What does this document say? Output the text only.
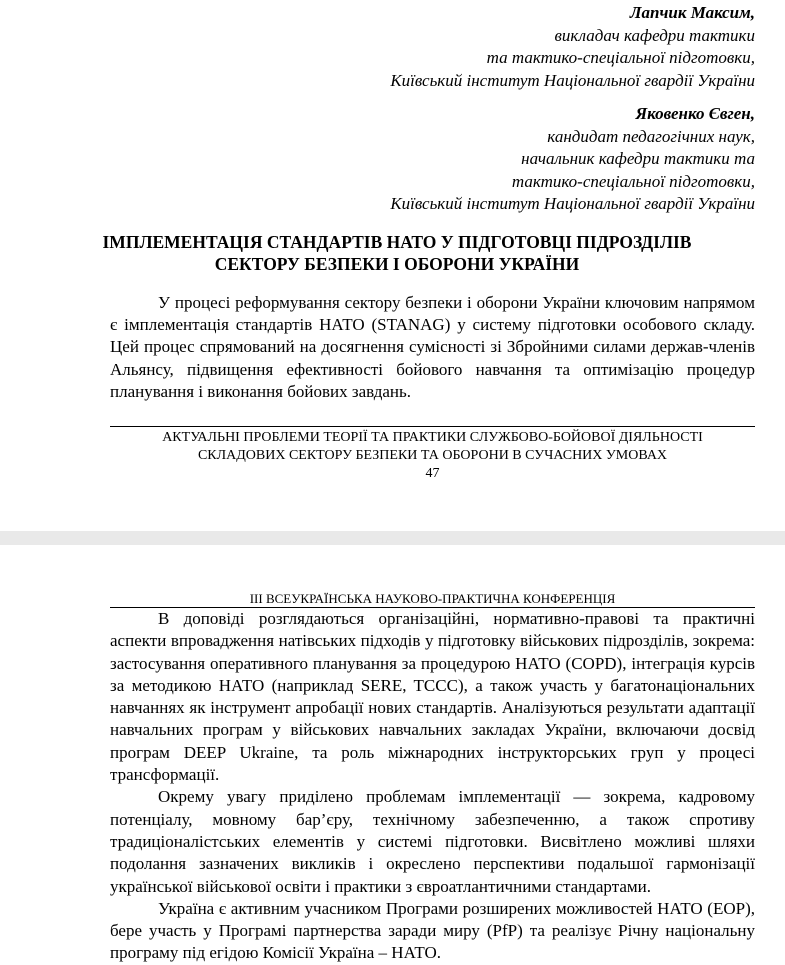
Лапчик Максим,
викладач кафедри тактики
та тактико-спеціальної підготовки,
Київський інститут Національної гвардії України
Яковенко Євген,
кандидат педагогічних наук,
начальник кафедри тактики та
тактико-спеціальної підготовки,
Київський інститут Національної гвардії України
ІМПЛЕМЕНТАЦІЯ СТАНДАРТІВ НАТО У ПІДГОТОВЦІ ПІДРОЗДІЛІВ
СЕКТОРУ БЕЗПЕКИ І ОБОРОНИ УКРАЇНИ

У процесі реформування сектору безпеки і оборони України ключовим напрямом є імплементація стандартів НАТО (STANAG) у систему підготовки особового складу. Цей процес спрямований на досягнення сумісності зі Збройними силами держав-членів Альянсу, підвищення ефективності бойового навчання та оптимізацію процедур планування і виконання бойових завдань.

АКТУАЛЬНІ ПРОБЛЕМИ ТЕОРІЇ ТА ПРАКТИКИ СЛУЖБОВО-БОЙОВОЇ ДІЯЛЬНОСТІ
СКЛАДОВИХ СЕКТОРУ БЕЗПЕКИ ТА ОБОРОНИ В СУЧАСНИХ УМОВАХ
47
III ВСЕУКРАЇНСЬКА НАУКОВО-ПРАКТИЧНА КОНФЕРЕНЦІЯ

В доповіді розглядаються організаційні, нормативно-правові та практичні аспекти впровадження натівських підходів у підготовку військових підрозділів, зокрема: застосування оперативного планування за процедурою НАТО (COPD), інтеграція курсів за методикою НАТО (наприклад SERE, TCCC), а також участь у багатонаціональних навчаннях як інструмент апробації нових стандартів. Аналізуються результати адаптації навчальних програм у військових навчальних закладах України, включаючи досвід програм DEEP Ukraine, та роль міжнародних інструкторських груп у процесі трансформації.

Окрему увагу приділено проблемам імплементації — зокрема, кадровому потенціалу, мовному бар’єру, технічному забезпеченню, а також спротиву традиціоналістських елементів у системі підготовки. Висвітлено можливі шляхи подолання зазначених викликів і окреслено перспективи подальшої гармонізації української військової освіти і практики з євроатлантичними стандартами.

Україна є активним учасником Програми розширених можливостей НАТО (EOP), бере участь у Програмі партнерства заради миру (PfP) та реалізує Річну національну програму під егідою Комісії Україна – НАТО.
